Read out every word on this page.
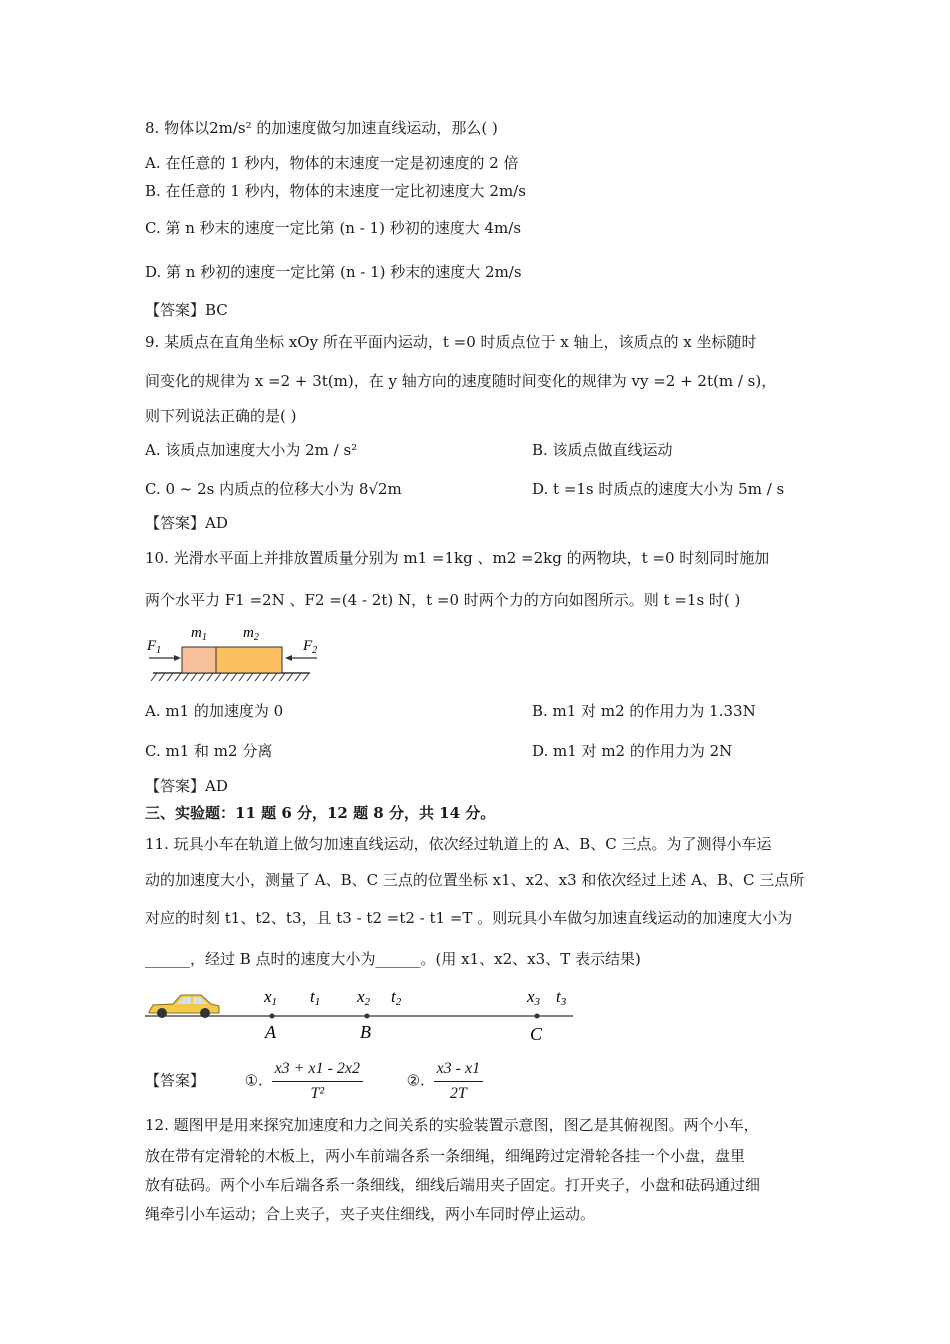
8. 物体以2m/s² 的加速度做匀加速直线运动，那么( )
A. 在任意的 1 秒内，物体的末速度一定是初速度的 2 倍
B. 在任意的 1 秒内，物体的末速度一定比初速度大 2m/s
C. 第 n 秒末的速度一定比第 (n - 1) 秒初的速度大 4m/s
D. 第 n 秒初的速度一定比第 (n - 1) 秒末的速度大 2m/s
【答案】BC
9. 某质点在直角坐标 xOy 所在平面内运动，t =0 时质点位于 x 轴上，该质点的 x 坐标随时
间变化的规律为 x =2 + 3t(m)，在 y 轴方向的速度随时间变化的规律为 vy =2 + 2t(m / s)，
则下列说法正确的是( )
A. 该质点加速度大小为 2m / s²	B. 该质点做直线运动
C. 0 ~ 2s 内质点的位移大小为 8√2m	D. t =1s 时质点的速度大小为 5m / s
【答案】AD
10. 光滑水平面上并排放置质量分别为 m1 =1kg 、m2 =2kg 的两物块，t =0 时刻同时施加
两个水平力 F1 =2N 、F2 =(4 - 2t) N，t =0 时两个力的方向如图所示。则 t =1s 时( )
$F_1$
$m_1$ $m_2$
$F_2$
A. m1 的加速度为 0	B. m1 对 m2 的作用力为 1.33N
C. m1 和 m2 分离	D. m1 对 m2 的作用力为 2N
【答案】AD
三、实验题：11 题 6 分，12 题 8 分，共 14 分。
11. 玩具小车在轨道上做匀加速直线运动，依次经过轨道上的 A、B、C 三点。为了测得小车运
动的加速度大小，测量了 A、B、C 三点的位置坐标 x1、x2、x3 和依次经过上述 A、B、C 三点所
对应的时刻 t1、t2、t3，且 t3 - t2 =t2 - t1 =T 。则玩具小车做匀加速直线运动的加速度大小为
______，经过 B 点时的速度大小为______。(用 x1、x2、x3、T 表示结果)
x1 t1 x2 t2	x3 t3
A	B	C
【答案】	①. $\frac{x3 + x1 - 2x2}{\text{T²}}$	②. $\frac{x3 - x1}{2T}$
12. 题图甲是用来探究加速度和力之间关系的实验装置示意图，图乙是其俯视图。两个小车，
放在带有定滑轮的木板上，两小车前端各系一条细绳，细绳跨过定滑轮各挂一个小盘，盘里
放有砝码。两个小车后端各系一条细线，细线后端用夹子固定。打开夹子，小盘和砝码通过细
绳牵引小车运动；合上夹子，夹子夹住细线，两小车同时停止运动。
